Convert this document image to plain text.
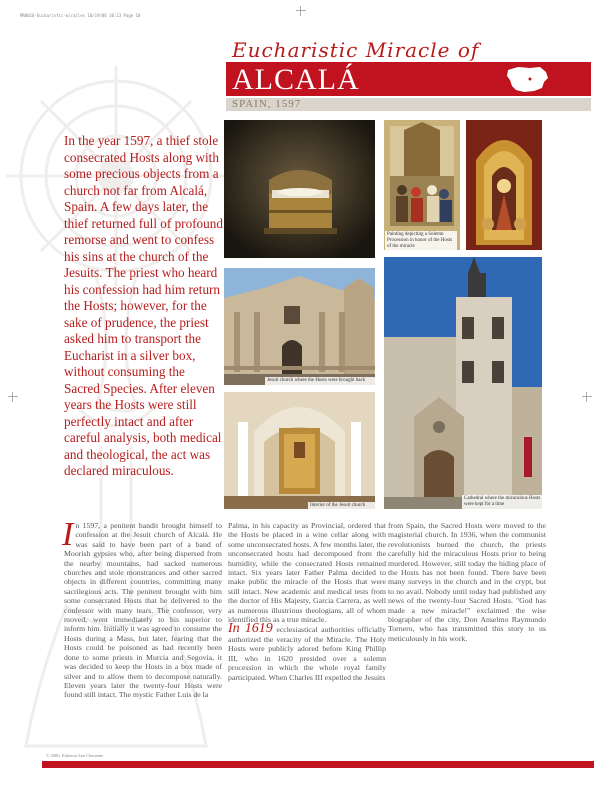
MR0010-Eucharistic-miracles 10/19/06 10:13 Page 10
Eucharistic Miracle of
ALCALÁ
SPAIN, 1597
In the year 1597, a thief stole consecrated Hosts along with some precious objects from a church not far from Alcalá, Spain. A few days later, the thief returned full of profound remorse and went to confess his sins at the church of the Jesuits. The priest who heard his confession had him return the Hosts; however, for the sake of prudence, the priest asked him to transport the Eucharist in a silver box, without consuming the Sacred Species. After eleven years the Hosts were still perfectly intact and after careful analysis, both medical and theological, the act was declared miraculous.
Painting depicting a Solemn Procession in honor of the Hosts of the miracle
Jesuit church where the Hosts were brought back
Interior of the Jesuit church
Cathedral where the miraculous Hosts were kept for a time
In 1597, a penitent bandit brought himself to confession at the Jesuit church of Alcalá. He was said to have been part of a band of Moorish gypsies who, after being dispersed from the nearby mountains, had sacked numerous churches and stole monstrances and other sacred objects in different countries, committing many sacrilegious acts. The penitent brought with him some consecrated Hosts that he delivered to the confessor with many tears. The confessor, very moved, went immediately to his superior to inform him. Initially it was agreed to consume the Hosts during a Mass, but later, fearing that the Hosts could be poisoned as had recently been done to some priests in Murcia and Segovia, it was decided to keep the Hosts in a box made of silver and to allow them to decompose naturally. Eleven years later the twenty-four Hosts were found still intact. The mystic Father Luis de la
Palma, in his capacity as Provincial, ordered that the Hosts be placed in a wine cellar along with some unconsecrated hosts. A few months later, the unconsecrated hosts had decomposed from the humidity, while the consecrated Hosts remained intact. Six years later Father Palma decided to make public the miracle of the Hosts that were still intact. New academic and medical tests from the doctor of His Majesty, Garcia Carrera, as well as numerous illustrious theologians, all of whom identified this as a true miracle.
In 1619 ecclesiastical authorities officially authorized the veracity of the Miracle. The Holy Hosts were publicly adored before King Phillip III, who in 1620 presided over a solemn procession in which the whole royal family participated. When Charles III expelled the Jesuits
from Spain, the Sacred Hosts were moved to the magisterial church. In 1936, when the communist revolutionists burned the church, the priests carefully hid the miraculous Hosts prior to being murdered. However, still today the hiding place of the Hosts has not been found. There have been many surveys in the church and in the crypt, but to no avail. Nobody until today had published any news of the twenty-four Sacred Hosts. "God has made a new miracle!" exclaimed the wise biographer of the city, Don Anselmo Raymundo Tornero, who has transmitted this story to us meticulously in his work.
© 2006, Edizioni San Clemente
